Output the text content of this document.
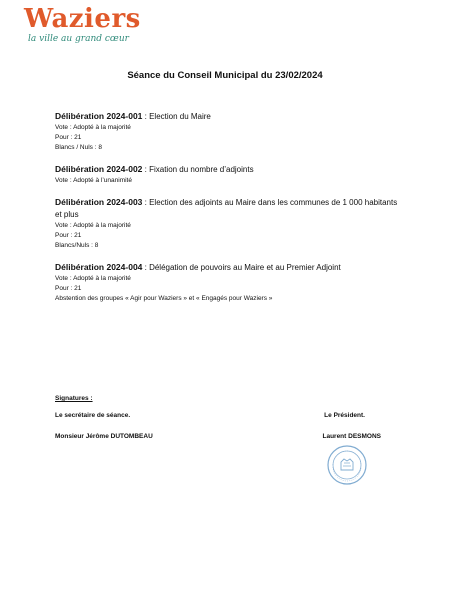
Waziers
la ville au grand cœur
Séance du Conseil Municipal du 23/02/2024
Délibération 2024-001 : Election du Maire
Vote : Adopté à la majorité
Pour : 21
Blancs / Nuls : 8
Délibération 2024-002 : Fixation du nombre d’adjoints
Vote : Adopté à l’unanimité
Délibération 2024-003 : Election des adjoints au Maire dans les communes de 1 000 habitants et plus
Vote : Adopté à la majorité
Pour : 21
Blancs/Nuls : 8
Délibération 2024-004 : Délégation de pouvoirs au Maire et au Premier Adjoint
Vote : Adopté à la majorité
Pour : 21
Abstention des groupes « Agir pour Waziers » et « Engagés pour Waziers »
Signatures :
Le secrétaire de séance.	Le Président.
Monsieur Jérôme DUTOMBEAU	Laurent DESMONS
